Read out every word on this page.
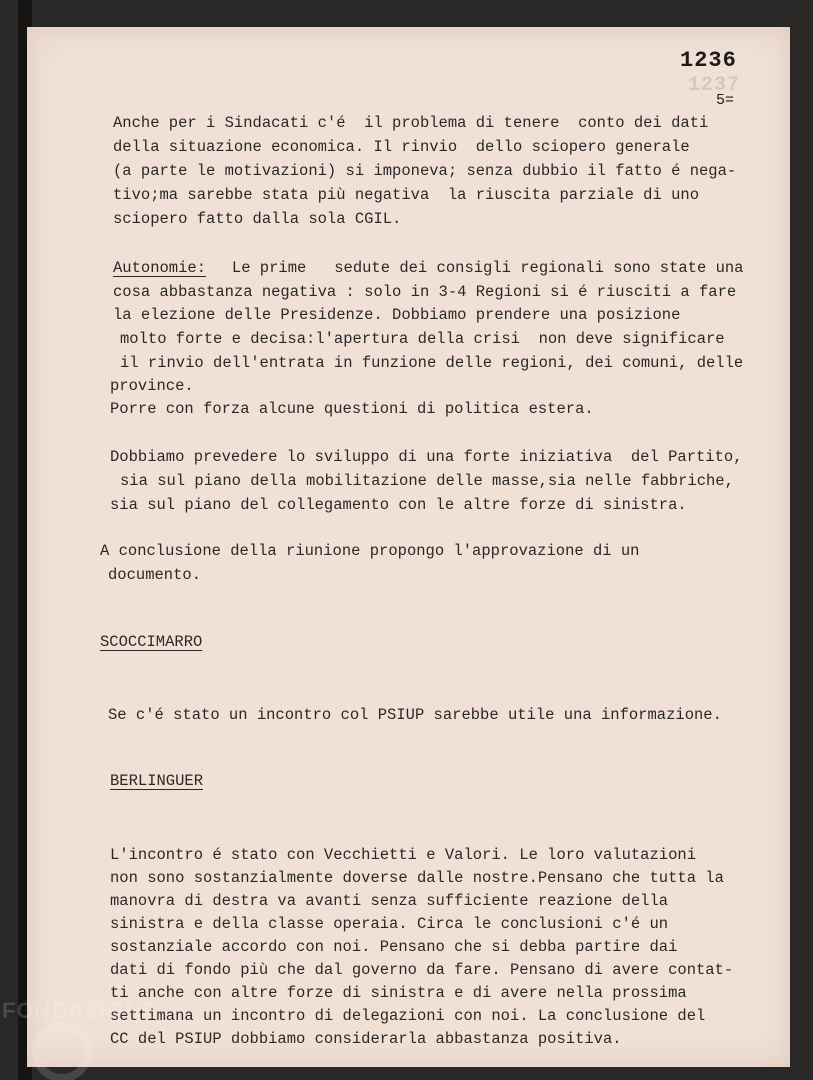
1237
1236
5=
Anche per i Sindacati c'é  il problema di tenere  conto dei dati
della situazione economica. Il rinvio  dello sciopero generale
(a parte le motivazioni) si imponeva; senza dubbio il fatto é nega-
tivo;ma sarebbe stata più negativa  la riuscita parziale di uno
sciopero fatto dalla sola CGIL.
Autonomie:
Le prime   sedute dei consigli regionali sono state una
cosa abbastanza negativa : solo in 3-4 Regioni si é riusciti a fare
la elezione delle Presidenze. Dobbiamo prendere una posizione
molto forte e decisa:l'apertura della crisi  non deve significare
il rinvio dell'entrata in funzione delle regioni, dei comuni, delle
province.
Porre con forza alcune questioni di politica estera.
Dobbiamo prevedere lo sviluppo di una forte iniziativa  del Partito,
sia sul piano della mobilitazione delle masse,sia nelle fabbriche,
sia sul piano del collegamento con le altre forze di sinistra.
A conclusione della riunione propongo l'approvazione di un
documento.
SCOCCIMARRO
Se c'é stato un incontro col PSIUP sarebbe utile una informazione.
BERLINGUER
L'incontro é stato con Vecchietti e Valori. Le loro valutazioni
non sono sostanzialmente doverse dalle nostre.Pensano che tutta la
manovra di destra va avanti senza sufficiente reazione della
sinistra e della classe operaia. Circa le conclusioni c'é un
sostanziale accordo con noi. Pensano che si debba partire dai
dati di fondo più che dal governo da fare. Pensano di avere contat-
ti anche con altre forze di sinistra e di avere nella prossima
settimana un incontro di delegazioni con noi. La conclusione del
CC del PSIUP dobbiamo considerarla abbastanza positiva.
FONDAZIONE
